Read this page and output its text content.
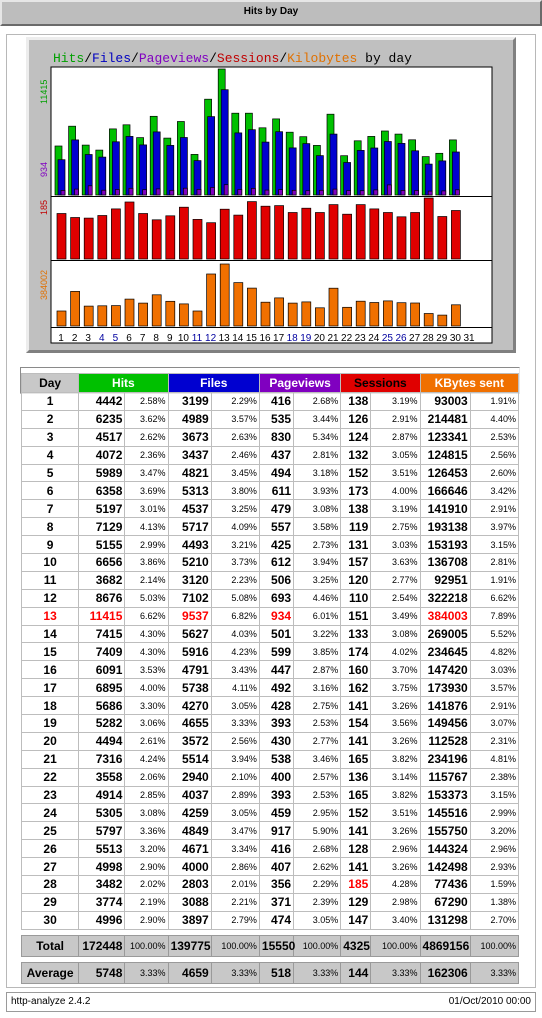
Hits by Day
Hits/Files/Pageviews/Sessions/Kilobytes by day
1 2 3 4 5 6 7 8 9 10 11 12 13 14 15 16 17 18 19 20 21 22 23 24 25 26 27 28 29 30 31
11415
934
185
384002
Day	Hits		Files		Pageviews		Sessions		KBytes sent	
1	4442	2.58%	3199	2.29%	416	2.68%	138	3.19%	93003	1.91%
2	6235	3.62%	4989	3.57%	535	3.44%	126	2.91%	214481	4.40%
3	4517	2.62%	3673	2.63%	830	5.34%	124	2.87%	123341	2.53%
4	4072	2.36%	3437	2.46%	437	2.81%	132	3.05%	124815	2.56%
5	5989	3.47%	4821	3.45%	494	3.18%	152	3.51%	126453	2.60%
6	6358	3.69%	5313	3.80%	611	3.93%	173	4.00%	166646	3.42%
7	5197	3.01%	4537	3.25%	479	3.08%	138	3.19%	141910	2.91%
8	7129	4.13%	5717	4.09%	557	3.58%	119	2.75%	193138	3.97%
9	5155	2.99%	4493	3.21%	425	2.73%	131	3.03%	153193	3.15%
10	6656	3.86%	5210	3.73%	612	3.94%	157	3.63%	136708	2.81%
11	3682	2.14%	3120	2.23%	506	3.25%	120	2.77%	92951	1.91%
12	8676	5.03%	7102	5.08%	693	4.46%	110	2.54%	322218	6.62%
13	11415	6.62%	9537	6.82%	934	6.01%	151	3.49%	384003	7.89%
14	7415	4.30%	5627	4.03%	501	3.22%	133	3.08%	269005	5.52%
15	7409	4.30%	5916	4.23%	599	3.85%	174	4.02%	234645	4.82%
16	6091	3.53%	4791	3.43%	447	2.87%	160	3.70%	147420	3.03%
17	6895	4.00%	5738	4.11%	492	3.16%	162	3.75%	173930	3.57%
18	5686	3.30%	4270	3.05%	428	2.75%	141	3.26%	141876	2.91%
19	5282	3.06%	4655	3.33%	393	2.53%	154	3.56%	149456	3.07%
20	4494	2.61%	3572	2.56%	430	2.77%	141	3.26%	112528	2.31%
21	7316	4.24%	5514	3.94%	538	3.46%	165	3.82%	234196	4.81%
22	3558	2.06%	2940	2.10%	400	2.57%	136	3.14%	115767	2.38%
23	4914	2.85%	4037	2.89%	393	2.53%	165	3.82%	153373	3.15%
24	5305	3.08%	4259	3.05%	459	2.95%	152	3.51%	145516	2.99%
25	5797	3.36%	4849	3.47%	917	5.90%	141	3.26%	155750	3.20%
26	5513	3.20%	4671	3.34%	416	2.68%	128	2.96%	144324	2.96%
27	4998	2.90%	4000	2.86%	407	2.62%	141	3.26%	142498	2.93%
28	3482	2.02%	2803	2.01%	356	2.29%	185	4.28%	77436	1.59%
29	3774	2.19%	3088	2.21%	371	2.39%	129	2.98%	67290	1.38%
30	4996	2.90%	3897	2.79%	474	3.05%	147	3.40%	131298	2.70%

Total	172448	100.00%	139775	100.00%	15550	100.00%	4325	100.00%	4869156	100.00%

Average	5748	3.33%	4659	3.33%	518	3.33%	144	3.33%	162306	3.33%
http-analyze 2.4.2	01/Oct/2010 00:00
